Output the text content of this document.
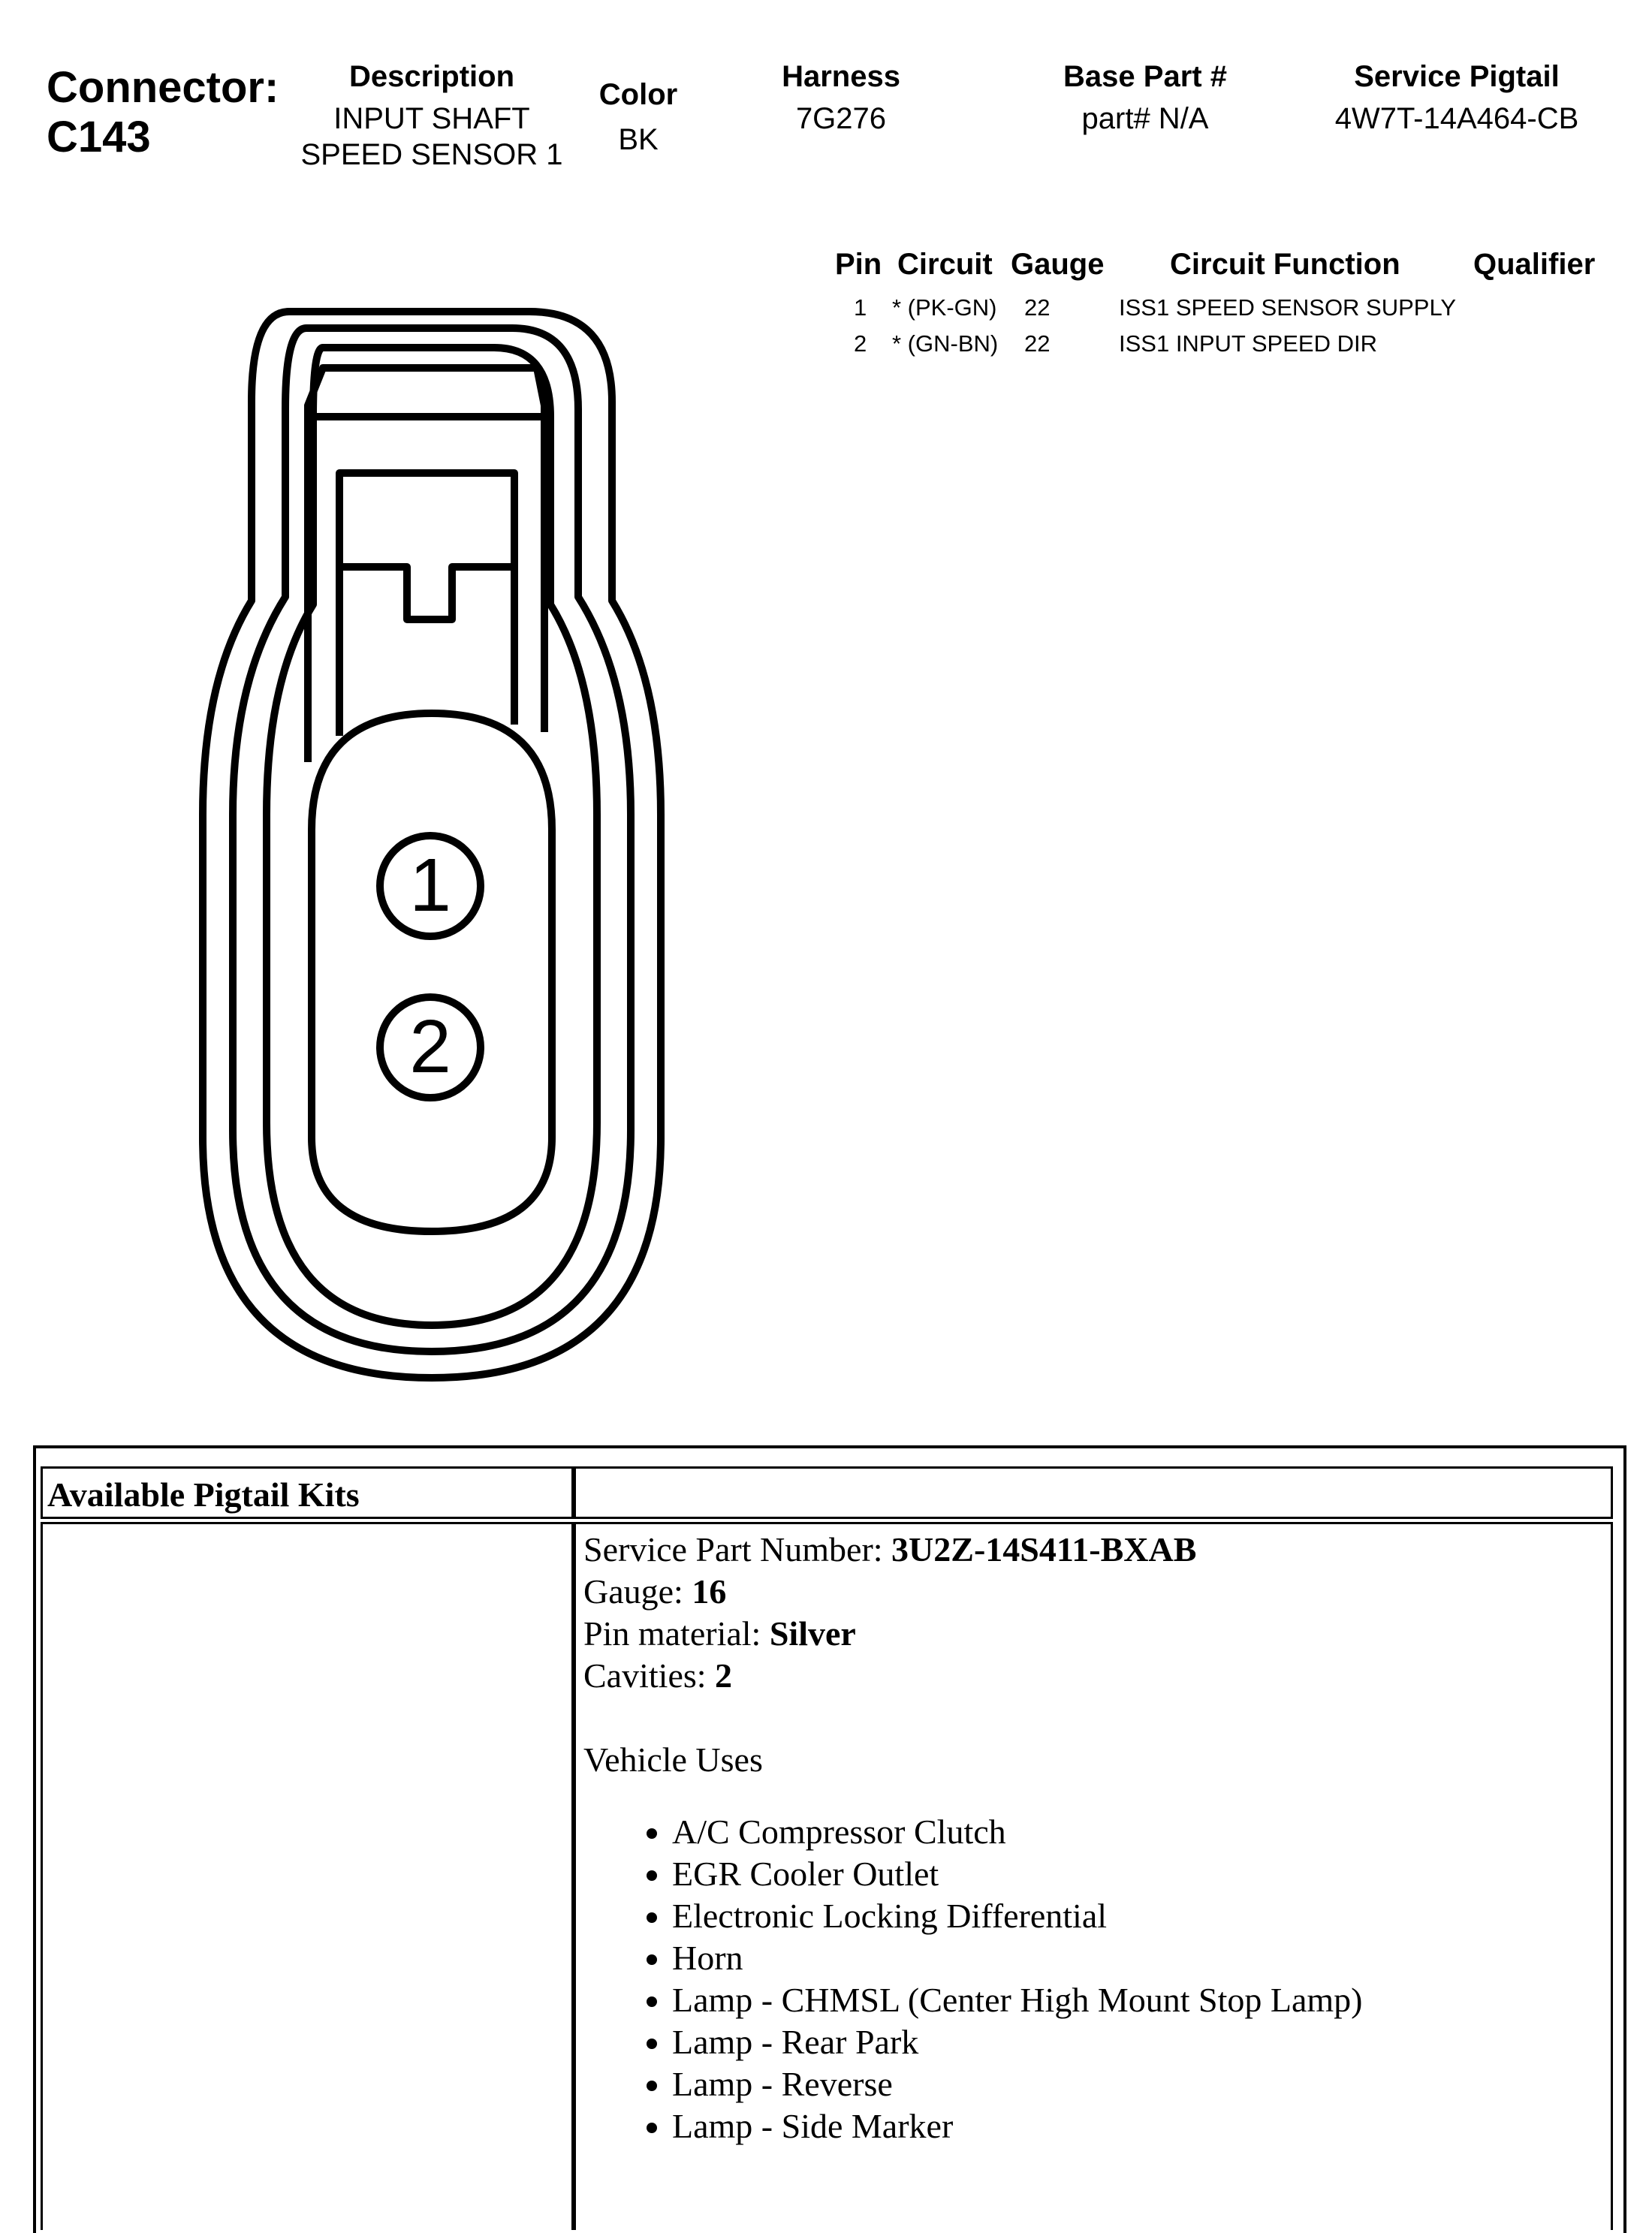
Connector:
C143
Description
INPUT SHAFT
SPEED SENSOR 1
Color
BK
Harness
7G276
Base Part #
part# N/A
Service Pigtail
4W7T-14A464-CB
Pin Circuit Gauge Circuit Function Qualifier
1 * (PK-GN) 22	ISS1 SPEED SENSOR SUPPLY
2 * (GN-BN) 22	ISS1 INPUT SPEED DIR
1
2
Available Pigtail Kits
Service Part Number: 3U2Z-14S411-BXAB
Gauge: 16
Pin material: Silver
Cavities: 2
Vehicle Uses
• A/C Compressor Clutch
• EGR Cooler Outlet
• Electronic Locking Differential
• Horn
• Lamp - CHMSL (Center High Mount Stop Lamp)
• Lamp - Rear Park
• Lamp - Reverse
• Lamp - Side Marker
